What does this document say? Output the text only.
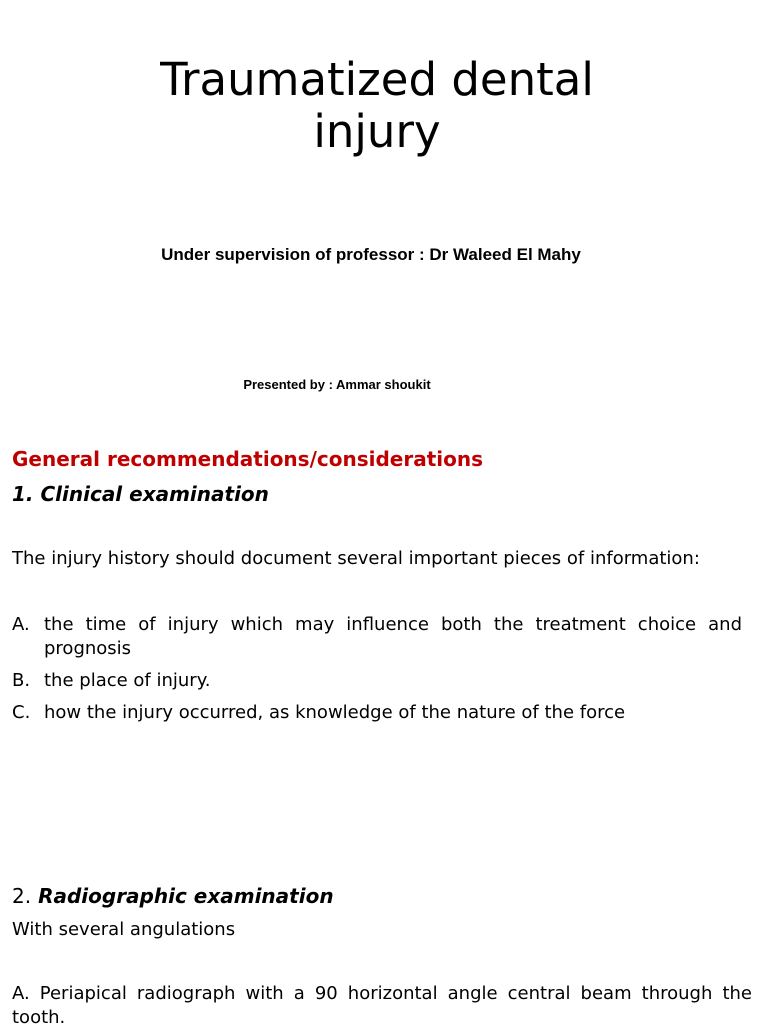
Traumatized dental
injury
Under supervision of professor : Dr Waleed El Mahy
Presented by : Ammar shoukit
General recommendations/considerations
1. Clinical examination
The injury history should document several important pieces of information:
A. the time of injury which may influence both the treatment choice and prognosis
B. the place of injury.
C. how the injury occurred, as knowledge of the nature of the force
2. Radiographic examination
With several angulations
A. Periapical radiograph with a 90 horizontal angle central beam through the tooth.
